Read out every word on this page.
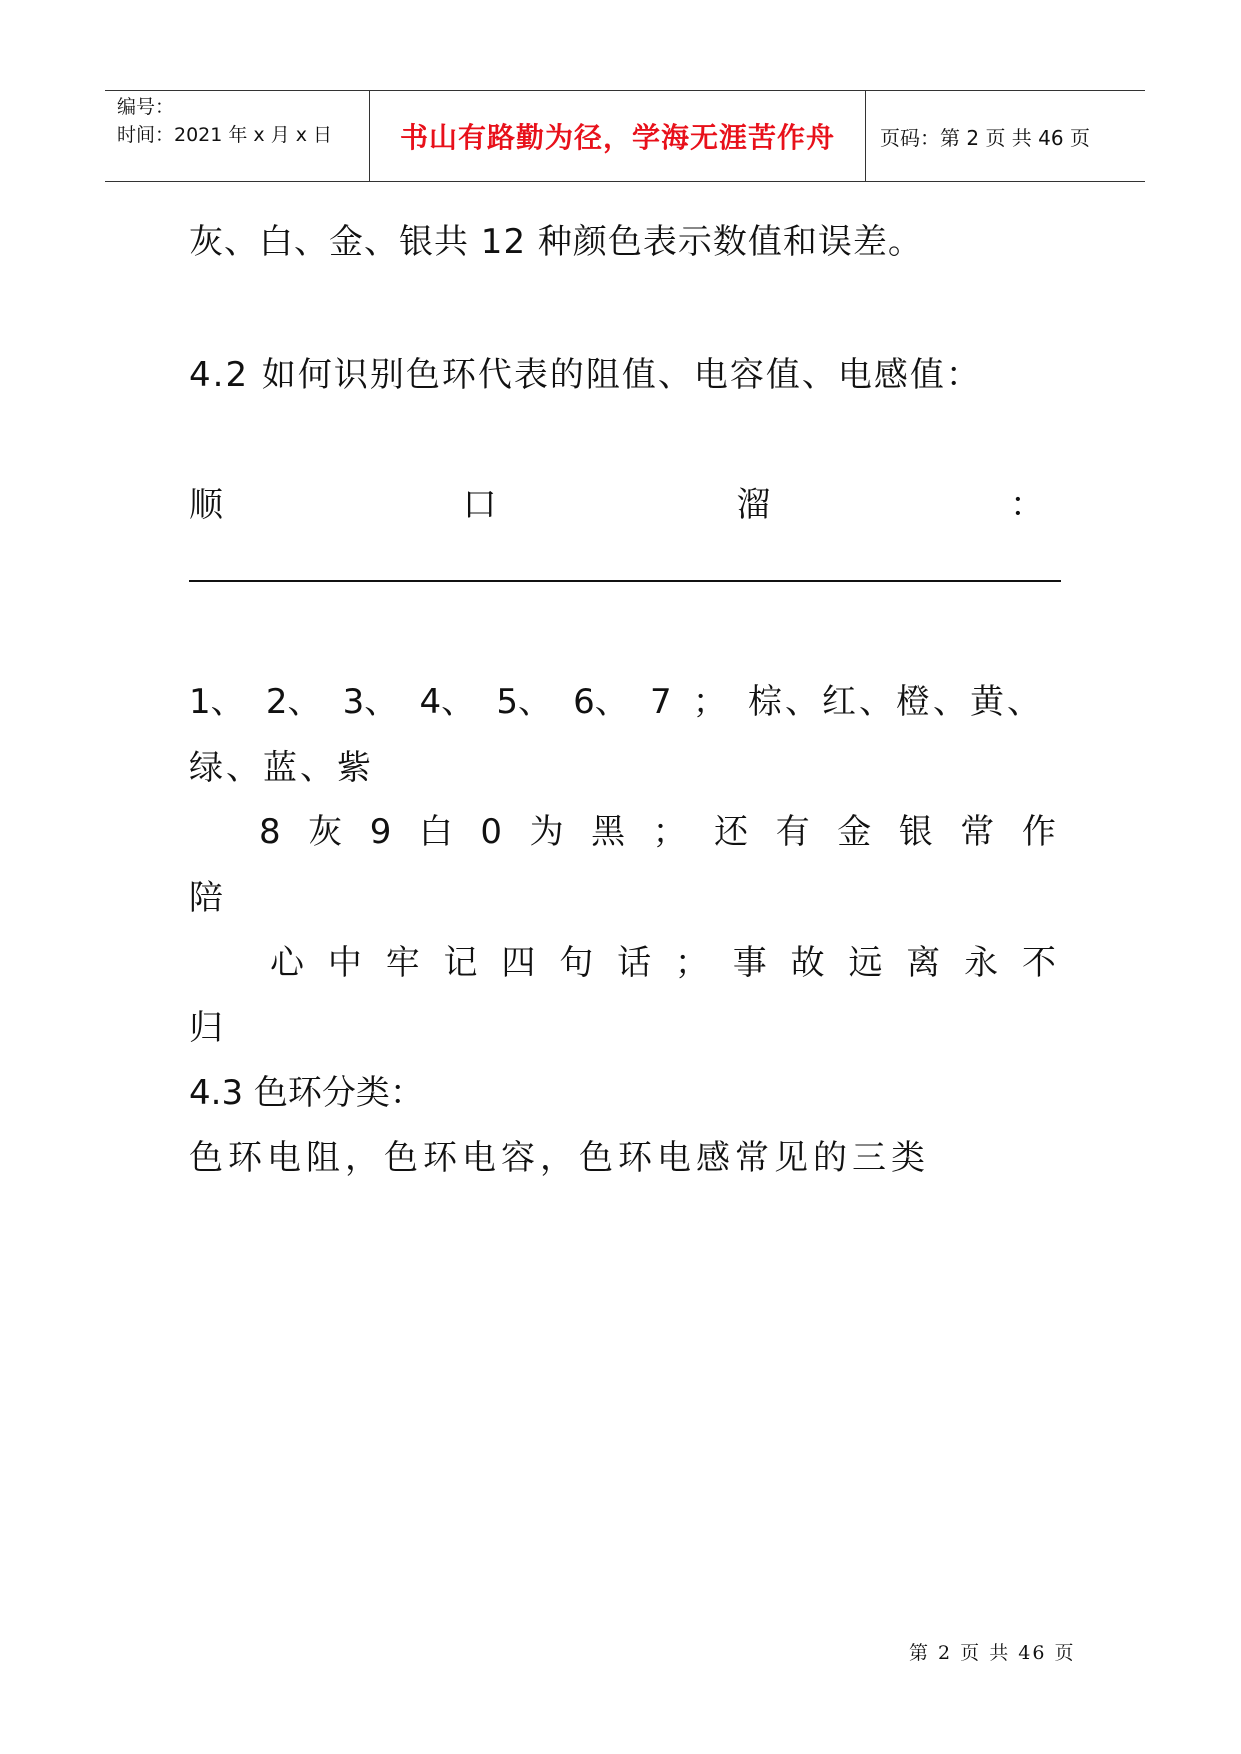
编号：
时间：2021 年 x 月 x 日	书山有路勤为径，学海无涯苦作舟	页码：第 2 页 共 46 页
灰、白、金、银共 12 种颜色表示数值和误差。
4.2 如何识别色环代表的阻值、电容值、电感值：
顺	口	溜	：
1、 2、 3、 4、 5、 6、 7 ； 棕、红、橙、黄、
绿、蓝、紫
8 灰 9 白 0 为 黑 ； 还 有 金 银 常 作
陪
心 中 牢 记 四 句 话 ； 事 故 远 离 永 不
归
4.3 色环分类：
色环电阻，色环电容，色环电感常见的三类
第 2 页 共 46 页
